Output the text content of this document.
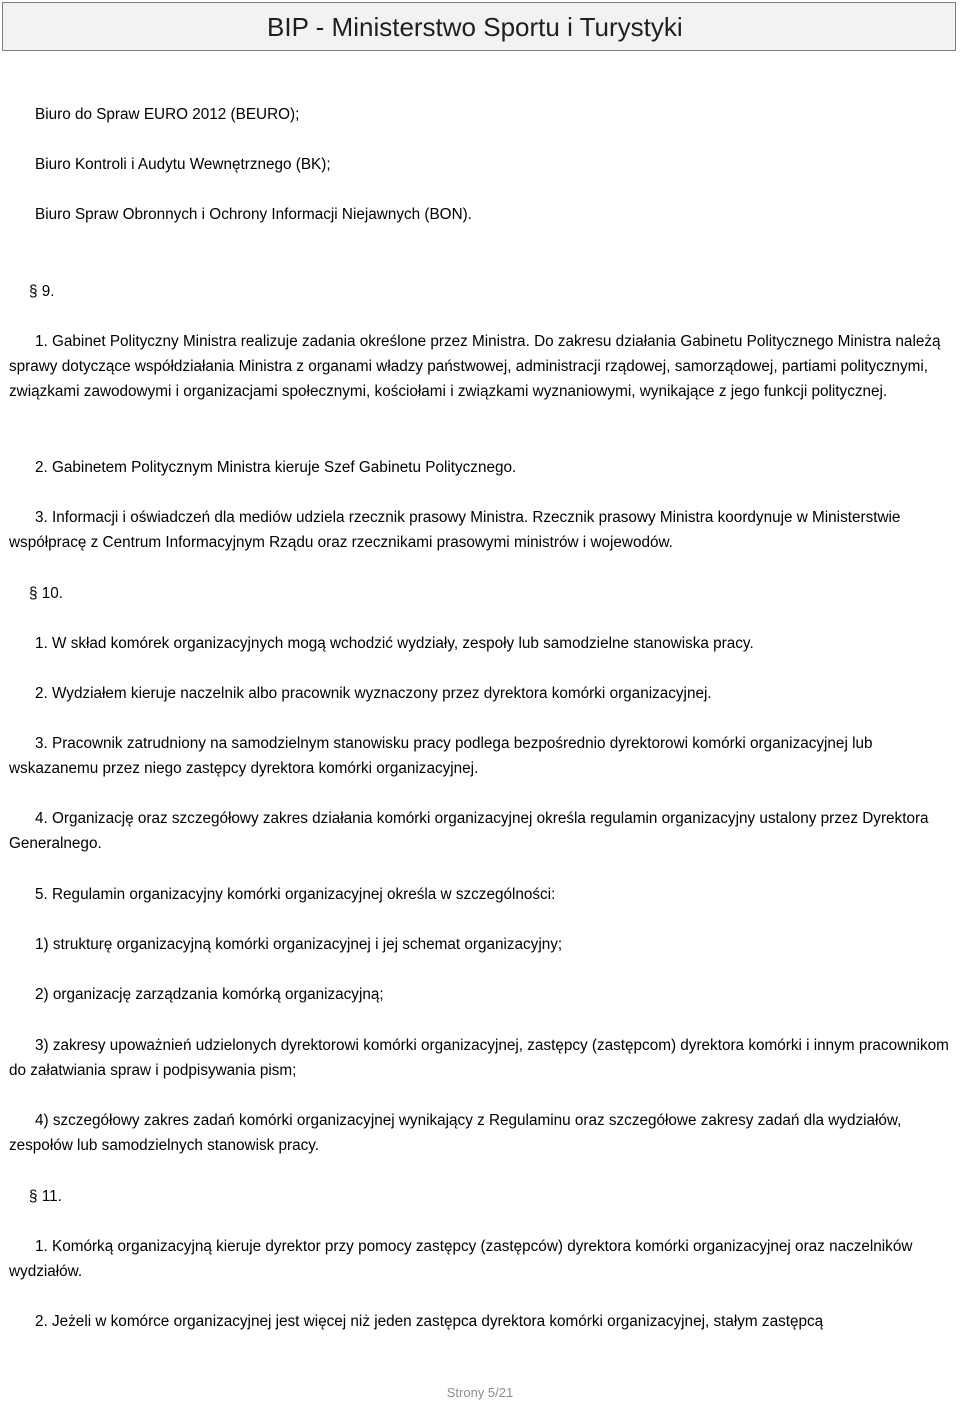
BIP - Ministerstwo Sportu i Turystyki

Biuro do Spraw EURO 2012 (BEURO);

Biuro Kontroli i Audytu Wewnętrznego (BK);

Biuro Spraw Obronnych i Ochrony Informacji Niejawnych (BON).

§ 9.

1. Gabinet Polityczny Ministra realizuje zadania określone przez Ministra. Do zakresu działania Gabinetu Politycznego Ministra należą sprawy dotyczące współdziałania Ministra z organami władzy państwowej, administracji rządowej, samorządowej, partiami politycznymi, związkami zawodowymi i organizacjami społecznymi, kościołami i związkami wyznaniowymi, wynikające z jego funkcji politycznej.

2. Gabinetem Politycznym Ministra kieruje Szef Gabinetu Politycznego.

3. Informacji i oświadczeń dla mediów udziela rzecznik prasowy Ministra. Rzecznik prasowy Ministra koordynuje w Ministerstwie współpracę z Centrum Informacyjnym Rządu oraz rzecznikami prasowymi ministrów i wojewodów.

§ 10.

1. W skład komórek organizacyjnych mogą wchodzić wydziały, zespoły lub samodzielne stanowiska pracy.

2. Wydziałem kieruje naczelnik albo pracownik wyznaczony przez dyrektora komórki organizacyjnej.

3. Pracownik zatrudniony na samodzielnym stanowisku pracy podlega bezpośrednio dyrektorowi komórki organizacyjnej lub wskazanemu przez niego zastępcy dyrektora komórki organizacyjnej.

4. Organizację oraz szczegółowy zakres działania komórki organizacyjnej określa regulamin organizacyjny ustalony przez Dyrektora Generalnego.

5. Regulamin organizacyjny komórki organizacyjnej określa w szczególności:

1) strukturę organizacyjną komórki organizacyjnej i jej schemat organizacyjny;

2) organizację zarządzania komórką organizacyjną;

3) zakresy upoważnień udzielonych dyrektorowi komórki organizacyjnej, zastępcy (zastępcom) dyrektora komórki i innym pracownikom do załatwiania spraw i podpisywania pism;

4) szczegółowy zakres zadań komórki organizacyjnej wynikający z Regulaminu oraz szczegółowe zakresy zadań dla wydziałów, zespołów lub samodzielnych stanowisk pracy.

§ 11.

1. Komórką organizacyjną kieruje dyrektor przy pomocy zastępcy (zastępców) dyrektora komórki organizacyjnej oraz naczelników wydziałów.

2. Jeżeli w komórce organizacyjnej jest więcej niż jeden zastępca dyrektora komórki organizacyjnej, stałym zastępcą

Strony 5/21
